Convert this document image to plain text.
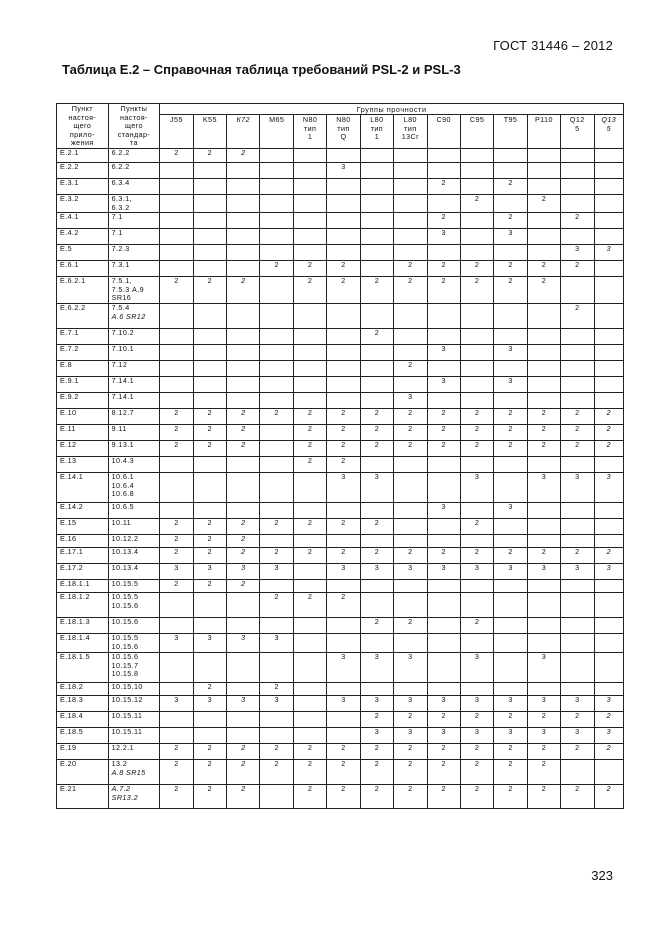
ГОСТ 31446 – 2012
Таблица Е.2 – Справочная таблица требований PSL-2 и PSL-3
Пункт
настоя-
щего
прило-
жения	Пункты
настоя-
щего
стандар-
та	Группы прочности													

		J55	K55	К72	М65	N80
тип
1	N80
тип
Q	L80
тип
1	L80
тип
13Cr	C90	C95	T95	P110	Q12
5	Q13
5

E.2.1	6.2.2	2	2	2											
E.2.2	6.2.2						3								
E.3.1	6.3.4									2		2			
E.3.2	6.3.1,
6.3.2										2		2		
E.4.1	7.1									2		2		2	
E.4.2	7.1									3		3			
E.5	7.2.3													3	3
E.6.1	7.3.1				2	2	2		2	2	2	2	2	2	
E.6.2.1	7.5.1,
7.5.3 А.9
SR16	2	2	2		2	2	2	2	2	2	2	2		
E.6.2.2	7.5.4
А.6 SR12													2	
E.7.1	7.10.2							2							
E.7.2	7.10.1									3		3			
E.8	7.12								2						
E.9.1	7.14.1									3		3			
E.9.2	7.14.1								3						
E.10	8.12.7	2	2	2	2	2	2	2	2	2	2	2	2	2	2
E.11	9.11	2	2	2		2	2	2	2	2	2	2	2	2	2
E.12	9.13.1	2	2	2		2	2	2	2	2	2	2	2	2	2
E.13	10.4.3					2	2								
E.14.1	10.6.1
10.6.4
10.6.8						3	3			3		3	3	3
E.14.2	10.6.5									3		3			
E.15	10.11	2	2	2	2	2	2	2			2				
E.16	10.12.2	2	2	2											
E.17.1	10.13.4	2	2	2	2	2	2	2	2	2	2	2	2	2	2
E.17.2	10.13.4	3	3	3	3		3	3	3	3	3	3	3	3	3
E.18.1.1	10.15.5	2	2	2											
E.18.1.2	10.15.5
10.15.6				2	2	2								
E.18.1.3	10.15.6							2	2		2				
E.18.1.4	10.15.5
10.15.6	3	3	3	3										
E.18.1.5	10.15.6
10.15.7
10.15.8						3	3	3		3		3		
E.18.2	10.15.10		2		2										
E.18.3	10.15.12	3	3	3	3		3	3	3	3	3	3	3	3	3
E.18.4	10.15.11							2	2	2	2	2	2	2	2
E.18.5	10.15.11							3	3	3	3	3	3	3	3
E.19	12.2.1	2	2	2	2	2	2	2	2	2	2	2	2	2	2
E.20	13.2
А.8 SR15	2	2	2	2	2	2	2	2	2	2	2	2		
E.21	А.7.2
SR13.2	2	2	2		2	2	2	2	2	2	2	2	2	2
323
